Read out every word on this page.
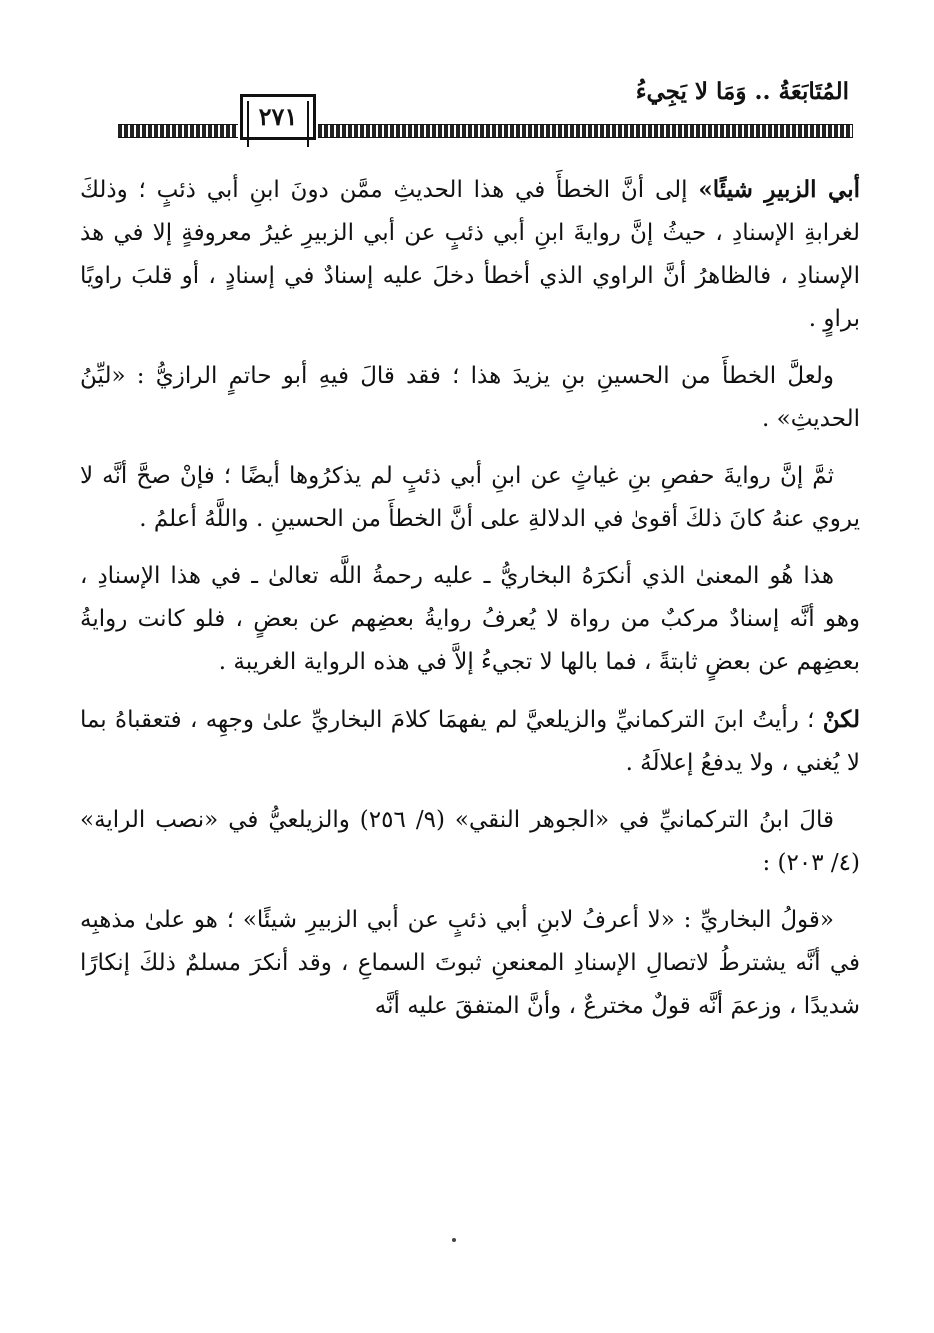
المُتَابَعَةُ .. وَمَا لا يَجِيءُ
٢٧١

أبي الزبيرِ شيئًا» إلى أنَّ الخطأَ في هذا الحديثِ ممَّن دونَ ابنِ أبي ذئبٍ ؛ وذلكَ لغرابةِ الإسنادِ ، حيثُ إنَّ روايةَ ابنِ أبي ذئبٍ عن أبي الزبيرِ غيرُ معروفةٍ إلا في هذ الإسنادِ ، فالظاهرُ أنَّ الراوي الذي أخطأ دخلَ عليه إسنادٌ في إسنادٍ ، أو قلبَ راويًا براوٍ .

ولعلَّ الخطأَ من الحسينِ بنِ يزيدَ هذا ؛ فقد قالَ فيهِ أبو حاتمٍ الرازيُّ : «ليِّنُ الحديثِ» .

ثمَّ إنَّ روايةَ حفصِ بنِ غياثٍ عن ابنِ أبي ذئبٍ لم يذكرُوها أيضًا ؛ فإنْ صحَّ أنَّه لا يروي عنهُ كانَ ذلكَ أقوىٰ في الدلالةِ على أنَّ الخطأَ من الحسينِ . واللَّهُ أعلمُ .

هذا هُو المعنىٰ الذي أنكرَهُ البخاريُّ ـ عليه رحمةُ اللَّه تعالىٰ ـ في هذا الإسنادِ ، وهو أنَّه إسنادٌ مركبٌ من رواة لا يُعرفُ روايةُ بعضِهم عن بعضٍ ، فلو كانت روايةُ بعضِهم عن بعضٍ ثابتةً ، فما بالها لا تجيءُ إلاَّ في هذه الرواية الغريبة .

لكنْ ؛ رأيتُ ابنَ التركمانيِّ والزيلعيَّ لم يفهمَا كلامَ البخاريِّ علىٰ وجهِه ، فتعقباهُ بما لا يُغني ، ولا يدفعُ إعلالَهُ .

قالَ ابنُ التركمانيِّ في «الجوهر النقي» (٩/ ٢٥٦) والزيلعيُّ في «نصب الراية» (٤/ ٢٠٣) :

«قولُ البخاريِّ : «لا أعرفُ لابنِ أبي ذئبٍ عن أبي الزبيرِ شيئًا» ؛ هو علىٰ مذهبِه في أنَّه يشترطُ لاتصالِ الإسنادِ المعنعنِ ثبوتَ السماعِ ، وقد أنكرَ مسلمٌ ذلكَ إنكارًا شديدًا ، وزعمَ أنَّه قولٌ مخترعٌ ، وأنَّ المتفقَ عليه أنَّه
